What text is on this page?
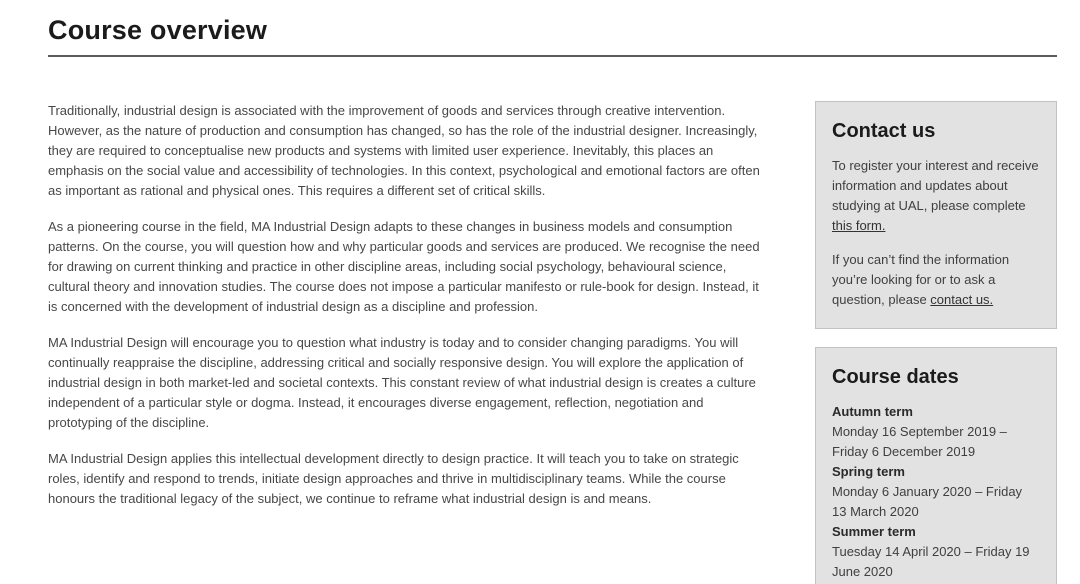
Course overview

Traditionally, industrial design is associated with the improvement of goods and services through creative intervention. However, as the nature of production and consumption has changed, so has the role of the industrial designer. Increasingly, they are required to conceptualise new products and systems with limited user experience. Inevitably, this places an emphasis on the social value and accessibility of technologies. In this context, psychological and emotional factors are often as important as rational and physical ones. This requires a different set of critical skills.

As a pioneering course in the field, MA Industrial Design adapts to these changes in business models and consumption patterns. On the course, you will question how and why particular goods and services are produced. We recognise the need for drawing on current thinking and practice in other discipline areas, including social psychology, behavioural science, cultural theory and innovation studies. The course does not impose a particular manifesto or rule-book for design. Instead, it is concerned with the development of industrial design as a discipline and profession.

MA Industrial Design will encourage you to question what industry is today and to consider changing paradigms. You will continually reappraise the discipline, addressing critical and socially responsive design. You will explore the application of industrial design in both market-led and societal contexts. This constant review of what industrial design is creates a culture independent of a particular style or dogma. Instead, it encourages diverse engagement, reflection, negotiation and prototyping of the discipline.

MA Industrial Design applies this intellectual development directly to design practice. It will teach you to take on strategic roles, identify and respond to trends, initiate design approaches and thrive in multidisciplinary teams. While the course honours the traditional legacy of the subject, we continue to reframe what industrial design is and means.

Contact us

To register your interest and receive information and updates about studying at UAL, please complete this form.

If you can’t find the information you’re looking for or to ask a question, please contact us.

Course dates
Autumn term
Monday 16 September 2019 – Friday 6 December 2019
Spring term
Monday 6 January 2020 – Friday 13 March 2020
Summer term
Tuesday 14 April 2020 – Friday 19 June 2020
